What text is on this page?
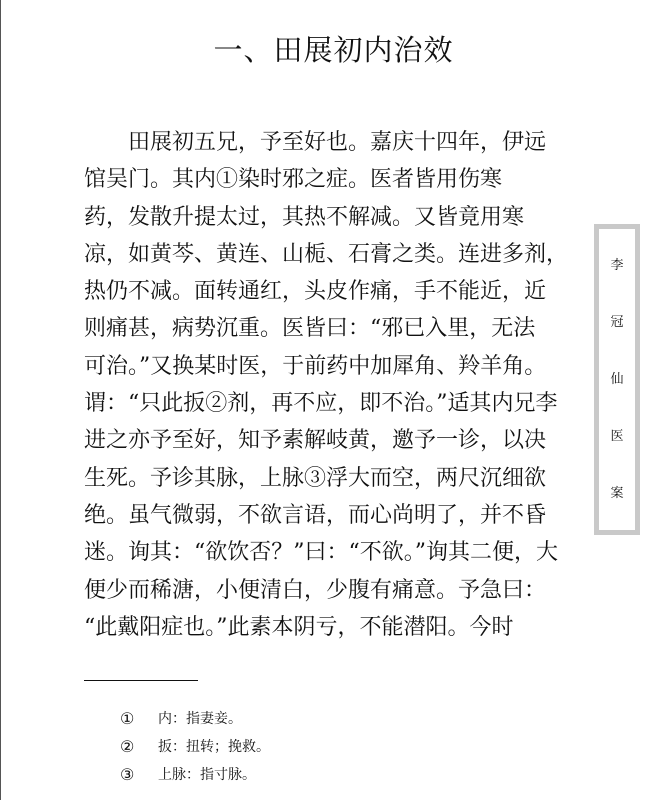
一、田展初内治效
田展初五兄，予至好也。嘉庆十四年，伊远
馆吴门。其内①染时邪之症。医者皆用伤寒
药，发散升提太过，其热不解减。又皆竟用寒
凉，如黄芩、黄连、山栀、石膏之类。连进多剂，
热仍不减。面转通红，头皮作痛，手不能近，近
则痛甚，病势沉重。医皆曰：“邪已入里，无法
可治。”又换某时医，于前药中加犀角、羚羊角。
谓：“只此扳②剂，再不应，即不治。”适其内兄李
进之亦予至好，知予素解岐黄，邀予一诊，以决
生死。予诊其脉，上脉③浮大而空，两尺沉细欲
绝。虽气微弱，不欲言语，而心尚明了，并不昏
迷。询其：“欲饮否？”曰：“不欲。”询其二便，大
便少而稀溏，小便清白，少腹有痛意。予急曰：
“此戴阳症也。”此素本阴亏，不能潜阳。今时
李
冠
仙
医
案
①	内：指妻妾。
②	扳：扭转；挽救。
③	上脉：指寸脉。
